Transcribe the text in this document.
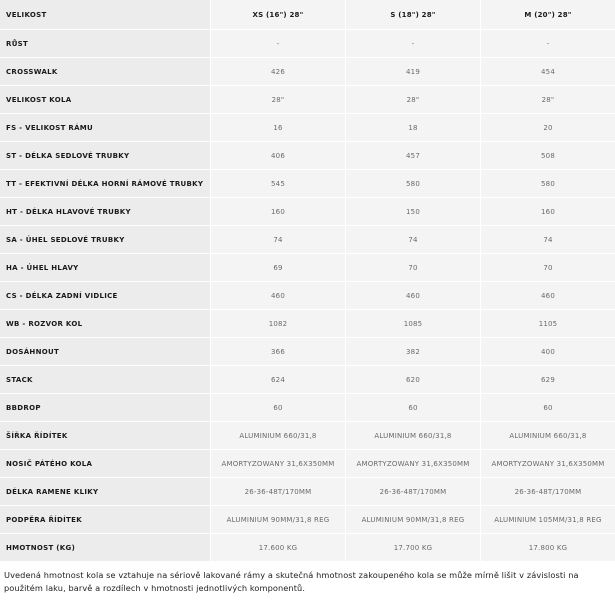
VELIKOST	XS (16") 28"	S (18") 28"	M (20") 28"
RŮST	-	-	-
CROSSWALK	426	419	454
VELIKOST KOLA	28"	28"	28"
FS - VELIKOST RÁMU	16	18	20
ST - DÉLKA SEDLOVÉ TRUBKY	406	457	508
TT - EFEKTIVNÍ DÉLKA HORNÍ RÁMOVÉ TRUBKY	545	580	580
HT - DÉLKA HLAVOVÉ TRUBKY	160	150	160
SA - ÚHEL SEDLOVÉ TRUBKY	74	74	74
HA - ÚHEL HLAVY	69	70	70
CS - DÉLKA ZADNÍ VIDLICE	460	460	460
WB - ROZVOR KOL	1082	1085	1105
DOSÁHNOUT	366	382	400
STACK	624	620	629
BBDROP	60	60	60
ŠÍŘKA ŘÍDÍTEK	ALUMINIUM 660/31,8	ALUMINIUM 660/31,8	ALUMINIUM 660/31,8
NOSIČ PÁTÉHO KOLA	AMORTYZOWANY 31,6X350MM	AMORTYZOWANY 31,6X350MM	AMORTYZOWANY 31,6X350MM
DÉLKA RAMENE KLIKY	26-36-48T/170MM	26-36-48T/170MM	26-36-48T/170MM
PODPĚRA ŘÍDÍTEK	ALUMINIUM 90MM/31,8 REG	ALUMINIUM 90MM/31,8 REG	ALUMINIUM 105MM/31,8 REG
HMOTNOST (KG)	17.600 KG	17.700 KG	17.800 KG

Uvedená hmotnost kola se vztahuje na sériově lakované rámy a skutečná hmotnost zakoupeného kola se může mírně lišit v závislosti na použitém laku, barvě a rozdílech v hmotnosti jednotlivých komponentů.
